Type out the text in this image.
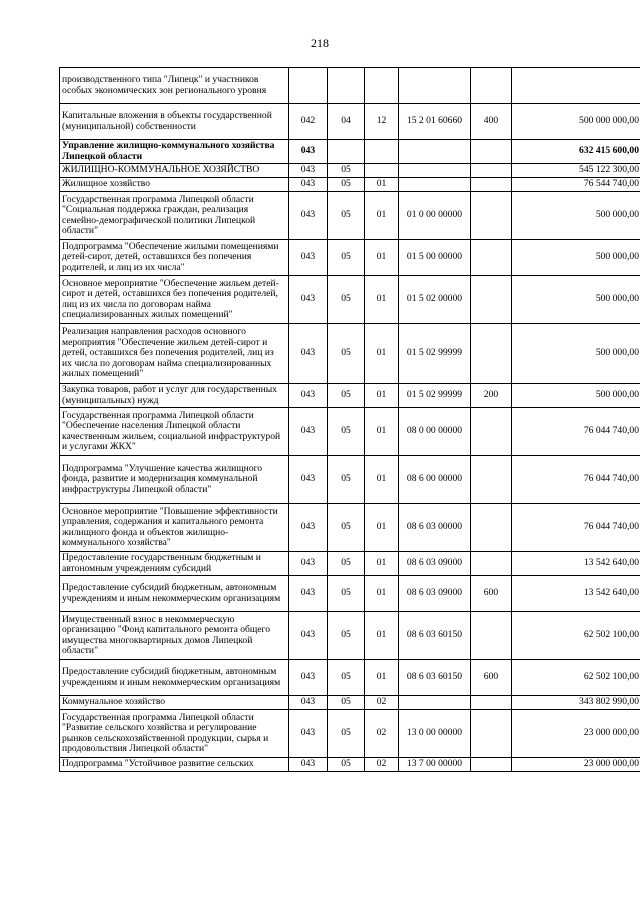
218
производственного типа "Липецк" и участников особых экономических зон регионального уровня						
Капитальные вложения в объекты государственной (муниципальной) собственности	042	04	12	15 2 01 60660	400	500 000 000,00
Управление жилищно-коммунального хозяйства Липецкой области	043					632 415 600,00
ЖИЛИЩНО-КОММУНАЛЬНОЕ ХОЗЯЙСТВО	043	05				545 122 300,00
Жилищное хозяйство	043	05	01			76 544 740,00
Государственная программа Липецкой области "Социальная поддержка граждан, реализация семейно-демографической политики Липецкой области"	043	05	01	01 0 00 00000		500 000,00
Подпрограмма "Обеспечение жилыми помещениями детей-сирот, детей, оставшихся без попечения родителей, и лиц из их числа"	043	05	01	01 5 00 00000		500 000,00
Основное мероприятие "Обеспечение жильем детей-сирот и детей, оставшихся без попечения родителей, лиц из их числа по договорам найма специализированных жилых помещений"	043	05	01	01 5 02 00000		500 000,00
Реализация направления расходов основного мероприятия "Обеспечение жильем детей-сирот и детей, оставшихся без попечения родителей, лиц из их числа по договорам найма специализированных жилых помещений"	043	05	01	01 5 02 99999		500 000,00
Закупка товаров, работ и услуг для государственных (муниципальных) нужд	043	05	01	01 5 02 99999	200	500 000,00
Государственная программа Липецкой области "Обеспечение населения Липецкой области качественным жильем, социальной инфраструктурой и услугами ЖКХ"	043	05	01	08 0 00 00000		76 044 740,00
Подпрограмма "Улучшение качества жилищного фонда, развитие и модернизация коммунальной инфраструктуры Липецкой области"	043	05	01	08 6 00 00000		76 044 740,00
Основное мероприятие "Повышение эффективности управления, содержания и капитального ремонта жилищного фонда и объектов жилищно-коммунального хозяйства"	043	05	01	08 6 03 00000		76 044 740,00
Предоставление государственным бюджетным и автономным учреждениям субсидий	043	05	01	08 6 03 09000		13 542 640,00
Предоставление субсидий бюджетным, автономным учреждениям и иным некоммерческим организациям	043	05	01	08 6 03 09000	600	13 542 640,00
Имущественный взнос в некоммерческую организацию "Фонд капитального ремонта общего имущества многоквартирных домов Липецкой области"	043	05	01	08 6 03 60150		62 502 100,00
Предоставление субсидий бюджетным, автономным учреждениям и иным некоммерческим организациям	043	05	01	08 6 03 60150	600	62 502 100,00
Коммунальное хозяйство	043	05	02			343 802 990,00
Государственная программа Липецкой области "Развитие сельского хозяйства и регулирование рынков сельскохозяйственной продукции, сырья и продовольствия Липецкой области"	043	05	02	13 0 00 00000		23 000 000,00
Подпрограмма "Устойчивое развитие сельских	043	05	02	13 7 00 00000		23 000 000,00
